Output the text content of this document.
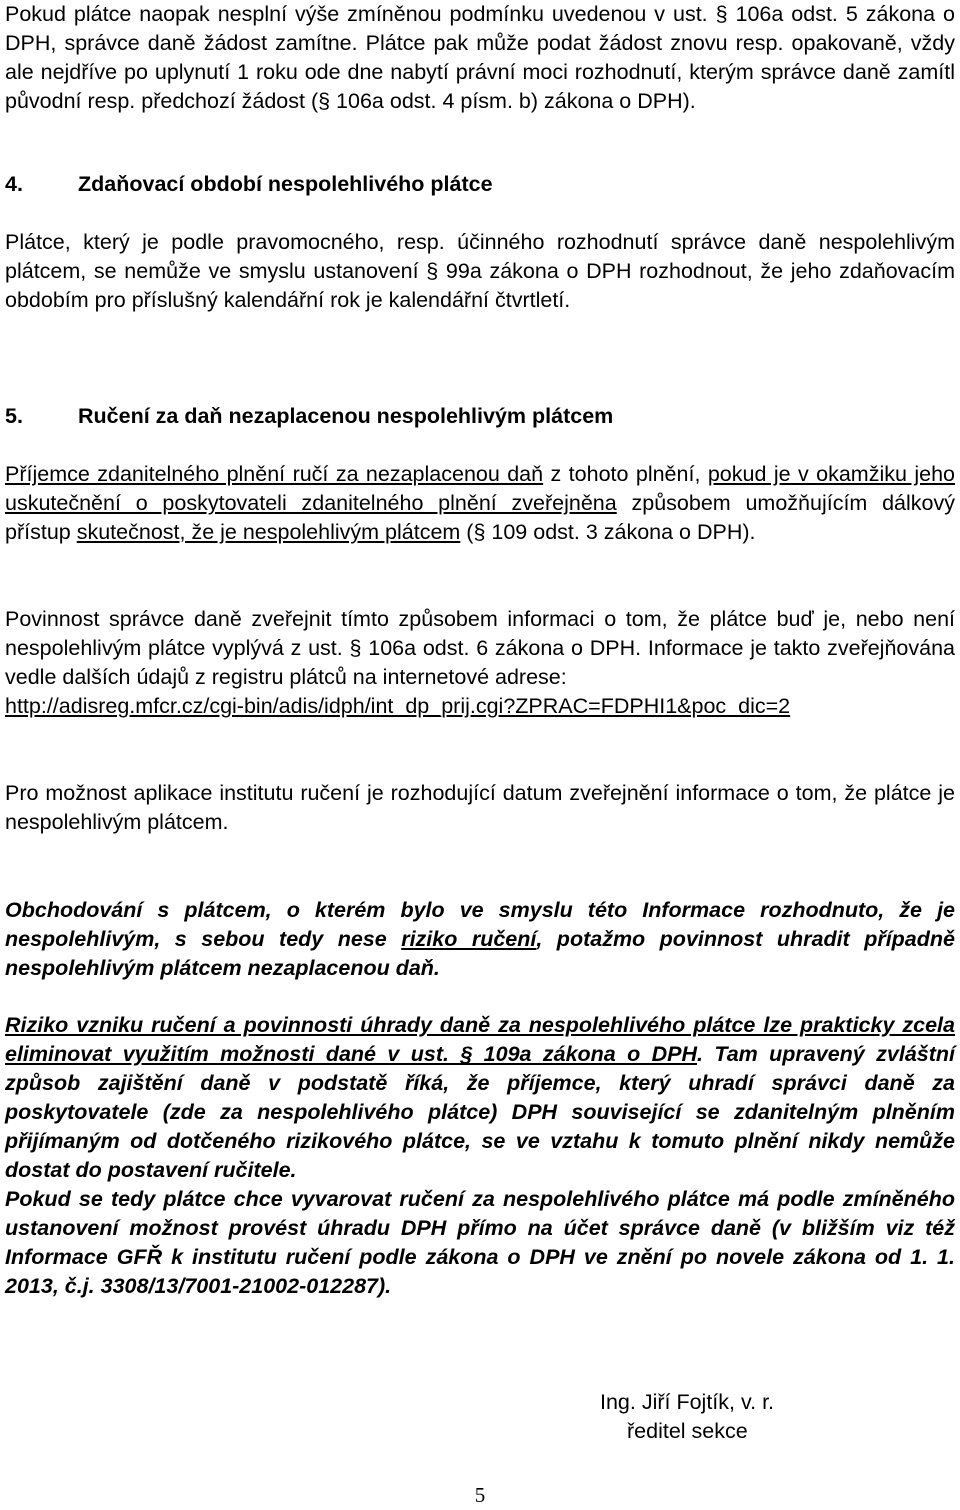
Pokud plátce naopak nesplní výše zmíněnou podmínku uvedenou v ust. § 106a odst. 5 zákona o DPH, správce daně žádost zamítne. Plátce pak může podat žádost znovu resp. opakovaně, vždy ale nejdříve po uplynutí 1 roku ode dne nabytí právní moci rozhodnutí, kterým správce daně zamítl původní resp. předchozí žádost (§ 106a odst. 4 písm. b) zákona o DPH).

4.	Zdaňovací období nespolehlivého plátce

Plátce, který je podle pravomocného, resp. účinného rozhodnutí správce daně nespolehlivým plátcem, se nemůže ve smyslu ustanovení § 99a zákona o DPH rozhodnout, že jeho zdaňovacím obdobím pro příslušný kalendářní rok je kalendářní čtvrtletí.

5.	Ručení za daň nezaplacenou nespolehlivým plátcem

Příjemce zdanitelného plnění ručí za nezaplacenou daň z tohoto plnění, pokud je v okamžiku jeho uskutečnění o poskytovateli zdanitelného plnění zveřejněna způsobem umožňujícím dálkový přístup skutečnost, že je nespolehlivým plátcem (§ 109 odst. 3 zákona o DPH).

Povinnost správce daně zveřejnit tímto způsobem informaci o tom, že plátce buď je, nebo není nespolehlivým plátce vyplývá z ust. § 106a odst. 6 zákona o DPH. Informace je takto zveřejňována vedle dalších údajů z registru plátců na internetové adrese:
http://adisreg.mfcr.cz/cgi-bin/adis/idph/int_dp_prij.cgi?ZPRAC=FDPHI1&poc_dic=2

Pro možnost aplikace institutu ručení je rozhodující datum zveřejnění informace o tom, že plátce je nespolehlivým plátcem.

Obchodování s plátcem, o kterém bylo ve smyslu této Informace rozhodnuto, že je nespolehlivým, s sebou tedy nese riziko ručení, potažmo povinnost uhradit případně nespolehlivým plátcem nezaplacenou daň.

Riziko vzniku ručení a povinnosti úhrady daně za nespolehlivého plátce lze prakticky zcela eliminovat využitím možnosti dané v ust. § 109a zákona o DPH. Tam upravený zvláštní způsob zajištění daně v podstatě říká, že příjemce, který uhradí správci daně za poskytovatele (zde za nespolehlivého plátce) DPH související se zdanitelným plněním přijímaným od dotčeného rizikového plátce, se ve vztahu k tomuto plnění nikdy nemůže dostat do postavení ručitele.
Pokud se tedy plátce chce vyvarovat ručení za nespolehlivého plátce má podle zmíněného ustanovení možnost provést úhradu DPH přímo na účet správce daně (v bližším viz též Informace GFŘ k institutu ručení podle zákona o DPH ve znění po novele zákona od 1. 1. 2013, č.j. 3308/13/7001-21002-012287).

Ing. Jiří Fojtík, v. r.
ředitel sekce
5
